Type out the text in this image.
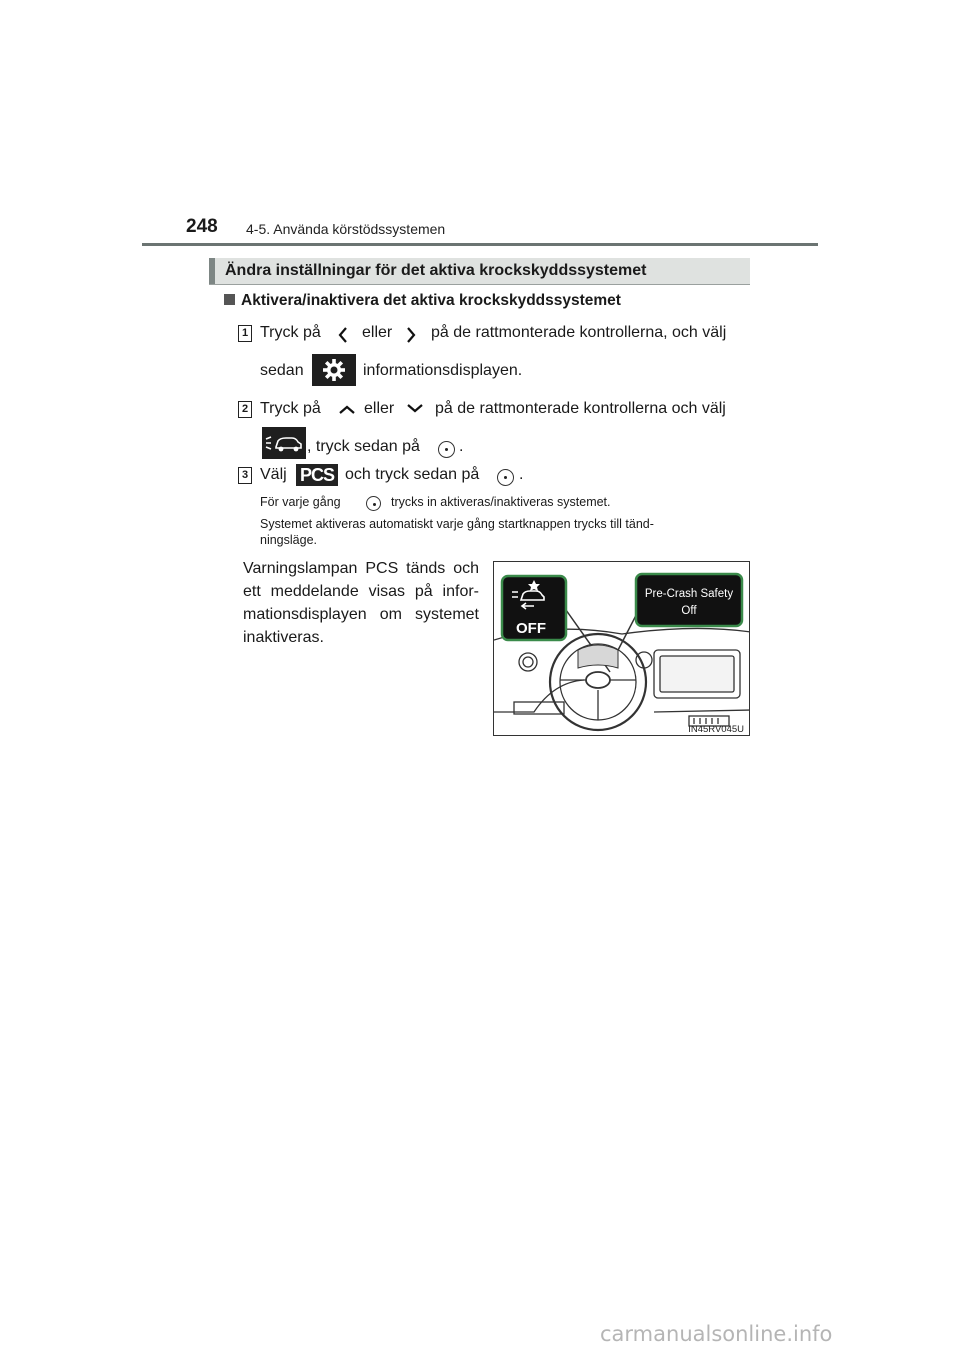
248 4-5. Använda körstödssystemen
Ändra inställningar för det aktiva krockskyddssystemet
Aktivera/inaktivera det aktiva krockskyddssystemet
1 Tryck på	eller på de rattmonterade kontrollerna, och välj
sedan	informationsdisplayen.
2 Tryck på	eller	på de rattmonterade kontrollerna och välj
, tryck sedan på .
3 Välj PCS och tryck sedan på .
För varje gång	trycks in aktiveras/inaktiveras systemet.
Systemet aktiveras automatiskt varje gång startknappen trycks till tänd-
ningsläge.
Varningslampan PCS tänds och
ett meddelande visas på infor-
mationsdisplayen om systemet
inaktiveras.
OFF
Pre-Crash Safety
Off
IN45RV045U
carmanualsonline.info
